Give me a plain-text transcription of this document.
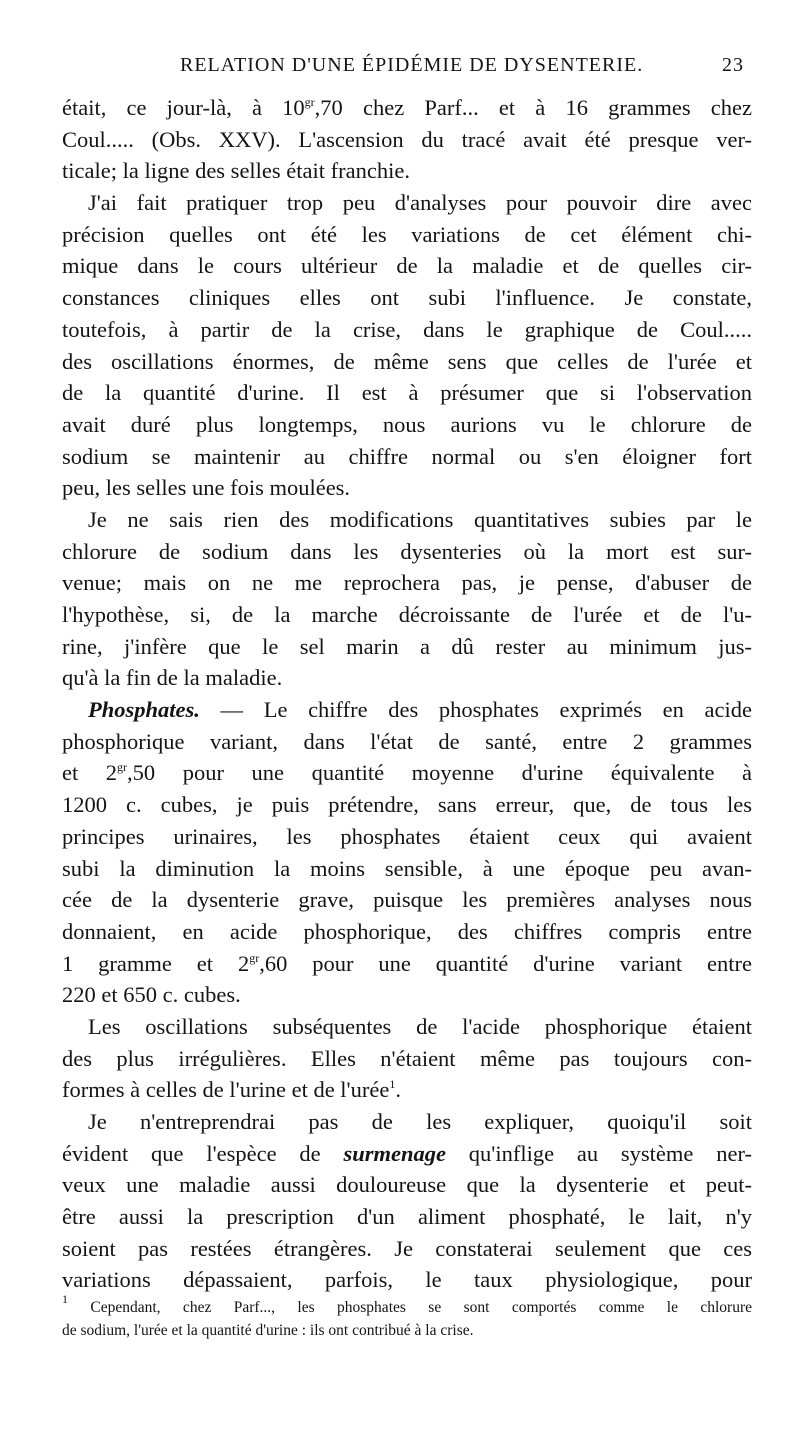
RELATION D'UNE ÉPIDÉMIE DE DYSENTERIE.	23
était, ce jour-là, à $10^{gr},70$ chez Parf... et à 16 grammes chez
Coul..... (Obs. XXV). L'ascension du tracé avait été presque ver-
ticale; la ligne des selles était franchie.
J'ai fait pratiquer trop peu d'analyses pour pouvoir dire avec
précision quelles ont été les variations de cet élément chi-
mique dans le cours ultérieur de la maladie et de quelles cir-
constances cliniques elles ont subi l'influence. Je constate,
toutefois, à partir de la crise, dans le graphique de Coul.....
des oscillations énormes, de même sens que celles de l'urée et
de la quantité d'urine. Il est à présumer que si l'observation
avait duré plus longtemps, nous aurions vu le chlorure de
sodium se maintenir au chiffre normal ou s'en éloigner fort
peu, les selles une fois moulées.
Je ne sais rien des modifications quantitatives subies par le
chlorure de sodium dans les dysenteries où la mort est sur-
venue; mais on ne me reprochera pas, je pense, d'abuser de
l'hypothèse, si, de la marche décroissante de l'urée et de l'u-
rine, j'infère que le sel marin a dû rester au minimum jus-
qu'à la fin de la maladie.
Phosphates. — Le chiffre des phosphates exprimés en acide
phosphorique variant, dans l'état de santé, entre 2 grammes
et $2^{gr},50$ pour une quantité moyenne d'urine équivalente à
1200 c. cubes, je puis prétendre, sans erreur, que, de tous les
principes urinaires, les phosphates étaient ceux qui avaient
subi la diminution la moins sensible, à une époque peu avan-
cée de la dysenterie grave, puisque les premières analyses nous
donnaient, en acide phosphorique, des chiffres compris entre
1 gramme et $2^{gr},60$ pour une quantité d'urine variant entre
220 et 650 c. cubes.
Les oscillations subséquentes de l'acide phosphorique étaient
des plus irrégulières. Elles n'étaient même pas toujours con-
formes à celles de l'urine et de l'urée$^1$.
Je n'entreprendrai pas de les expliquer, quoiqu'il soit
évident que l'espèce de surmenage qu'inflige au système ner-
veux une maladie aussi douloureuse que la dysenterie et peut-
être aussi la prescription d'un aliment phosphaté, le lait, n'y
soient pas restées étrangères. Je constaterai seulement que ces
variations dépassaient, parfois, le taux physiologique, pour
$^1$ Cependant, chez Parf..., les phosphates se sont comportés comme le chlorure
de sodium, l'urée et la quantité d'urine : ils ont contribué à la crise.
